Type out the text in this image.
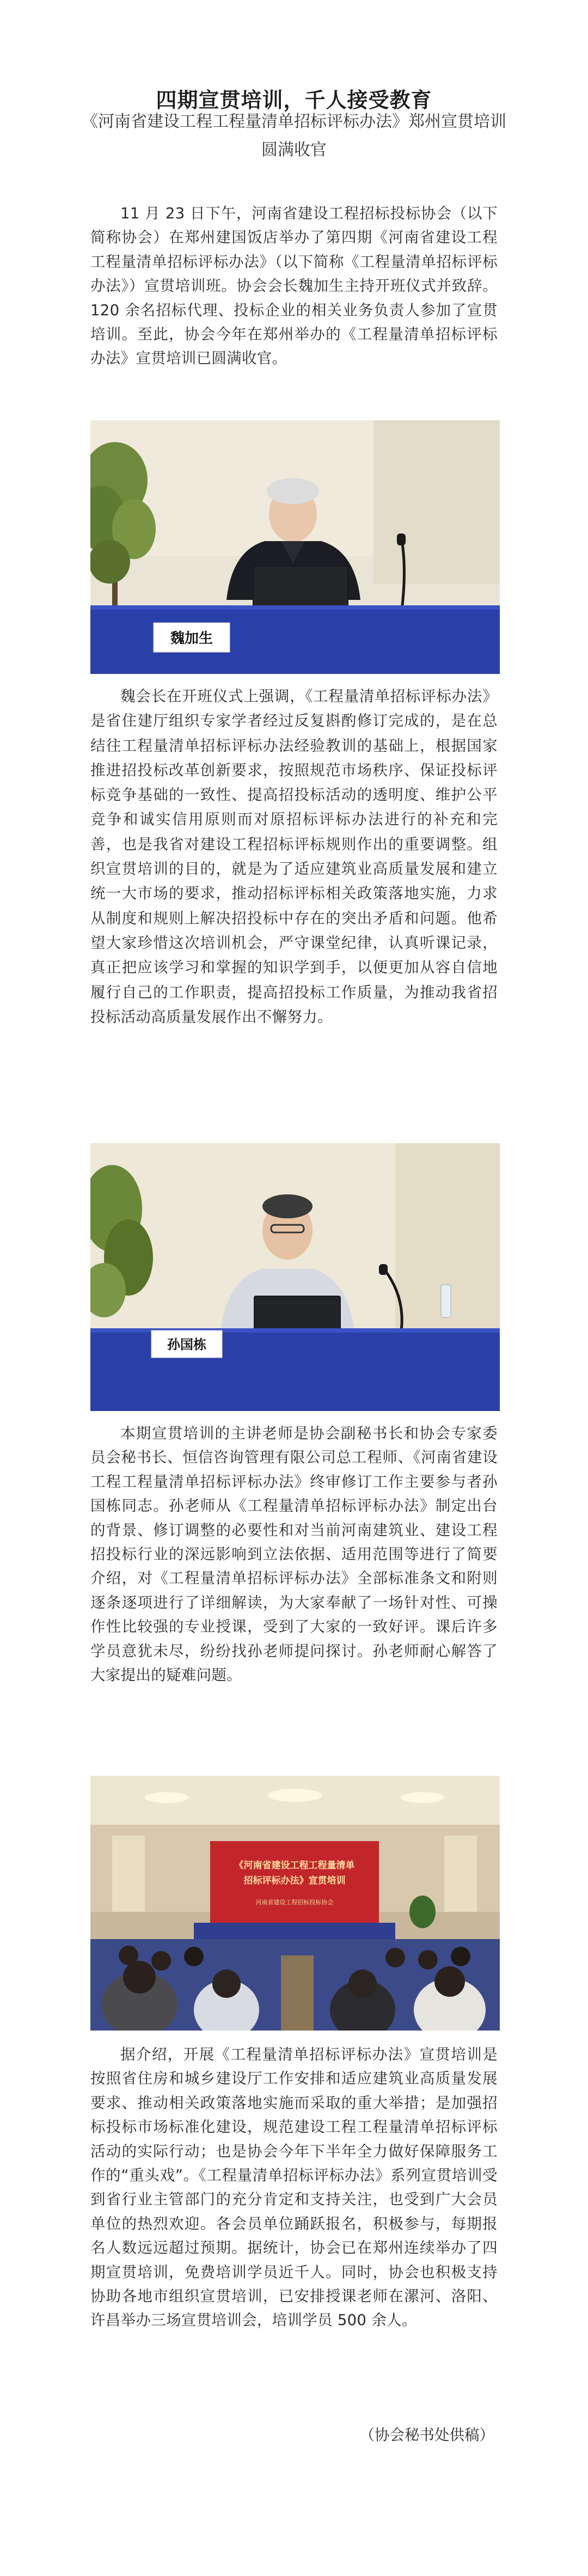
四期宣贯培训，千人接受教育
《河南省建设工程工程量清单招标评标办法》郑州宣贯培训圆满收官

11 月 23 日下午，河南省建设工程招标投标协会（以下简称协会）在郑州建国饭店举办了第四期《河南省建设工程工程量清单招标评标办法》（以下简称《工程量清单招标评标办法》）宣贯培训班。协会会长魏加生主持开班仪式并致辞。120 余名招标代理、投标企业的相关业务负责人参加了宣贯培训。至此，协会今年在郑州举办的《工程量清单招标评标办法》宣贯培训已圆满收官。

魏加生

魏会长在开班仪式上强调，《工程量清单招标评标办法》是省住建厅组织专家学者经过反复斟酌修订完成的，是在总结往工程量清单招标评标办法经验教训的基础上，根据国家推进招投标改革创新要求，按照规范市场秩序、保证投标评标竞争基础的一致性、提高招投标活动的透明度、维护公平竞争和诚实信用原则而对原招标评标办法进行的补充和完善，也是我省对建设工程招标评标规则作出的重要调整。组织宣贯培训的目的，就是为了适应建筑业高质量发展和建立统一大市场的要求，推动招标评标相关政策落地实施，力求从制度和规则上解决招投标中存在的突出矛盾和问题。他希望大家珍惜这次培训机会，严守课堂纪律，认真听课记录，真正把应该学习和掌握的知识学到手，以便更加从容自信地履行自己的工作职责，提高招投标工作质量，为推动我省招投标活动高质量发展作出不懈努力。

孙国栋

本期宣贯培训的主讲老师是协会副秘书长和协会专家委员会秘书长、恒信咨询管理有限公司总工程师、《河南省建设工程工程量清单招标评标办法》终审修订工作主要参与者孙国栋同志。孙老师从《工程量清单招标评标办法》制定出台的背景、修订调整的必要性和对当前河南建筑业、建设工程招投标行业的深远影响到立法依据、适用范围等进行了简要介绍，对《工程量清单招标评标办法》全部标准条文和附则逐条逐项进行了详细解读，为大家奉献了一场针对性、可操作性比较强的专业授课，受到了大家的一致好评。课后许多学员意犹未尽，纷纷找孙老师提问探讨。孙老师耐心解答了大家提出的疑难问题。

《河南省建设工程工程量清单
招标评标办法》宣贯培训
河南省建设工程招标投标协会

据介绍，开展《工程量清单招标评标办法》宣贯培训是按照省住房和城乡建设厅工作安排和适应建筑业高质量发展要求、推动相关政策落地实施而采取的重大举措；是加强招标投标市场标准化建设，规范建设工程工程量清单招标评标活动的实际行动；也是协会今年下半年全力做好保障服务工作的“重头戏”。《工程量清单招标评标办法》系列宣贯培训受到省行业主管部门的充分肯定和支持关注，也受到广大会员单位的热烈欢迎。各会员单位踊跃报名，积极参与，每期报名人数远远超过预期。据统计，协会已在郑州连续举办了四期宣贯培训，免费培训学员近千人。同时，协会也积极支持协助各地市组织宣贯培训，已安排授课老师在漯河、洛阳、许昌举办三场宣贯培训会，培训学员 500 余人。

（协会秘书处供稿）
